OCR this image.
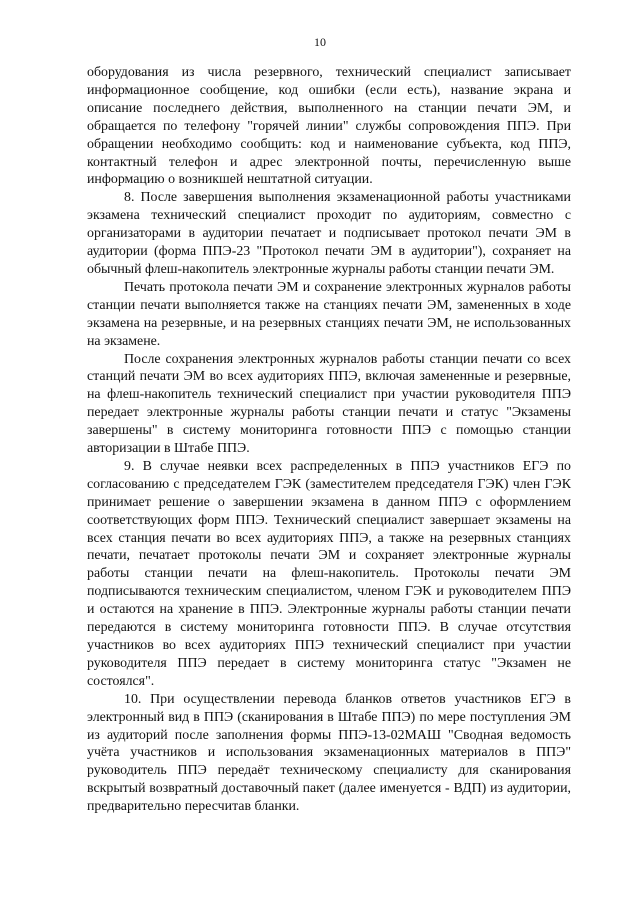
10

оборудования из числа резервного, технический специалист записывает информационное сообщение, код ошибки (если есть), название экрана и описание последнего действия, выполненного на станции печати ЭМ, и обращается по телефону "горячей линии" службы сопровождения ППЭ. При обращении необходимо сообщить: код и наименование субъекта, код ППЭ, контактный телефон и адрес электронной почты, перечисленную выше информацию о возникшей нештатной ситуации.

8. После завершения выполнения экзаменационной работы участниками экзамена технический специалист проходит по аудиториям, совместно с организаторами в аудитории печатает и подписывает протокол печати ЭМ в аудитории (форма ППЭ-23 "Протокол печати ЭМ в аудитории"), сохраняет на обычный флеш-накопитель электронные журналы работы станции печати ЭМ.

Печать протокола печати ЭМ и сохранение электронных журналов работы станции печати выполняется также на станциях печати ЭМ, замененных в ходе экзамена на резервные, и на резервных станциях печати ЭМ, не использованных на экзамене.

После сохранения электронных журналов работы станции печати со всех станций печати ЭМ во всех аудиториях ППЭ, включая замененные и резервные, на флеш-накопитель технический специалист при участии руководителя ППЭ передает электронные журналы работы станции печати и статус "Экзамены завершены" в систему мониторинга готовности ППЭ с помощью станции авторизации в Штабе ППЭ.

9. В случае неявки всех распределенных в ППЭ участников ЕГЭ по согласованию с председателем ГЭК (заместителем председателя ГЭК) член ГЭК принимает решение о завершении экзамена в данном ППЭ с оформлением соответствующих форм ППЭ. Технический специалист завершает экзамены на всех станция печати во всех аудиториях ППЭ, а также на резервных станциях печати, печатает протоколы печати ЭМ и сохраняет электронные журналы работы станции печати на флеш-накопитель. Протоколы печати ЭМ подписываются техническим специалистом, членом ГЭК и руководителем ППЭ и остаются на хранение в ППЭ. Электронные журналы работы станции печати передаются в систему мониторинга готовности ППЭ. В случае отсутствия участников во всех аудиториях ППЭ технический специалист при участии руководителя ППЭ передает в систему мониторинга статус "Экзамен не состоялся".

10. При осуществлении перевода бланков ответов участников ЕГЭ в электронный вид в ППЭ (сканирования в Штабе ППЭ) по мере поступления ЭМ из аудиторий после заполнения формы ППЭ-13-02МАШ "Сводная ведомость учёта участников и использования экзаменационных материалов в ППЭ" руководитель ППЭ передаёт техническому специалисту для сканирования вскрытый возвратный доставочный пакет (далее именуется - ВДП) из аудитории, предварительно пересчитав бланки.
